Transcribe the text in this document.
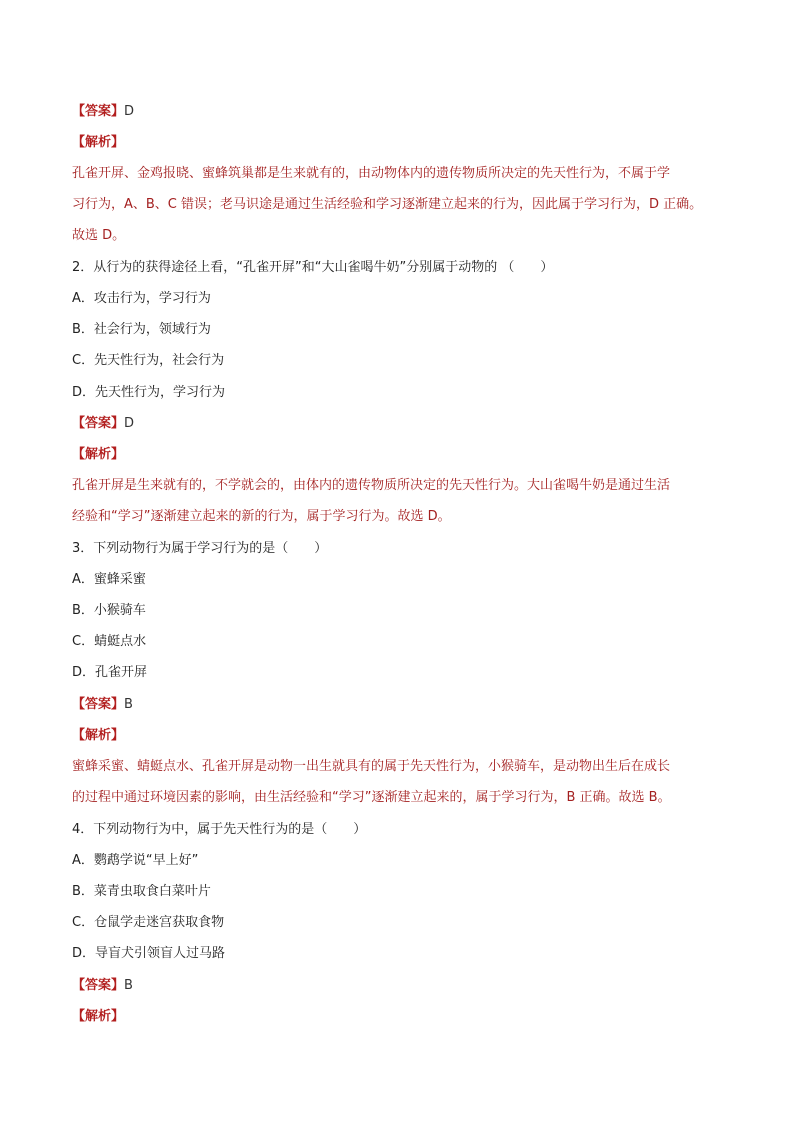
【答案】D
【解析】
孔雀开屏、金鸡报晓、蜜蜂筑巢都是生来就有的，由动物体内的遗传物质所决定的先天性行为，不属于学
习行为，A、B、C 错误；老马识途是通过生活经验和学习逐渐建立起来的行为，因此属于学习行为，D 正确。
故选 D。
2．从行为的获得途径上看，“孔雀开屏”和“大山雀喝牛奶”分别属于动物的 （　　）
A．攻击行为，学习行为
B．社会行为，领域行为
C．先天性行为，社会行为
D．先天性行为，学习行为
【答案】D
【解析】
孔雀开屏是生来就有的，不学就会的，由体内的遗传物质所决定的先天性行为。大山雀喝牛奶是通过生活
经验和“学习”逐渐建立起来的新的行为，属于学习行为。故选 D。
3．下列动物行为属于学习行为的是（　　）
A．蜜蜂采蜜
B．小猴骑车
C．蜻蜓点水
D．孔雀开屏
【答案】B
【解析】
蜜蜂采蜜、蜻蜓点水、孔雀开屏是动物一出生就具有的属于先天性行为，小猴骑车，是动物出生后在成长
的过程中通过环境因素的影响，由生活经验和“学习”逐渐建立起来的，属于学习行为，B 正确。故选 B。
4．下列动物行为中，属于先天性行为的是（　　）
A．鹦鹉学说“早上好”
B．菜青虫取食白菜叶片
C．仓鼠学走迷宫获取食物
D．导盲犬引领盲人过马路
【答案】B
【解析】
